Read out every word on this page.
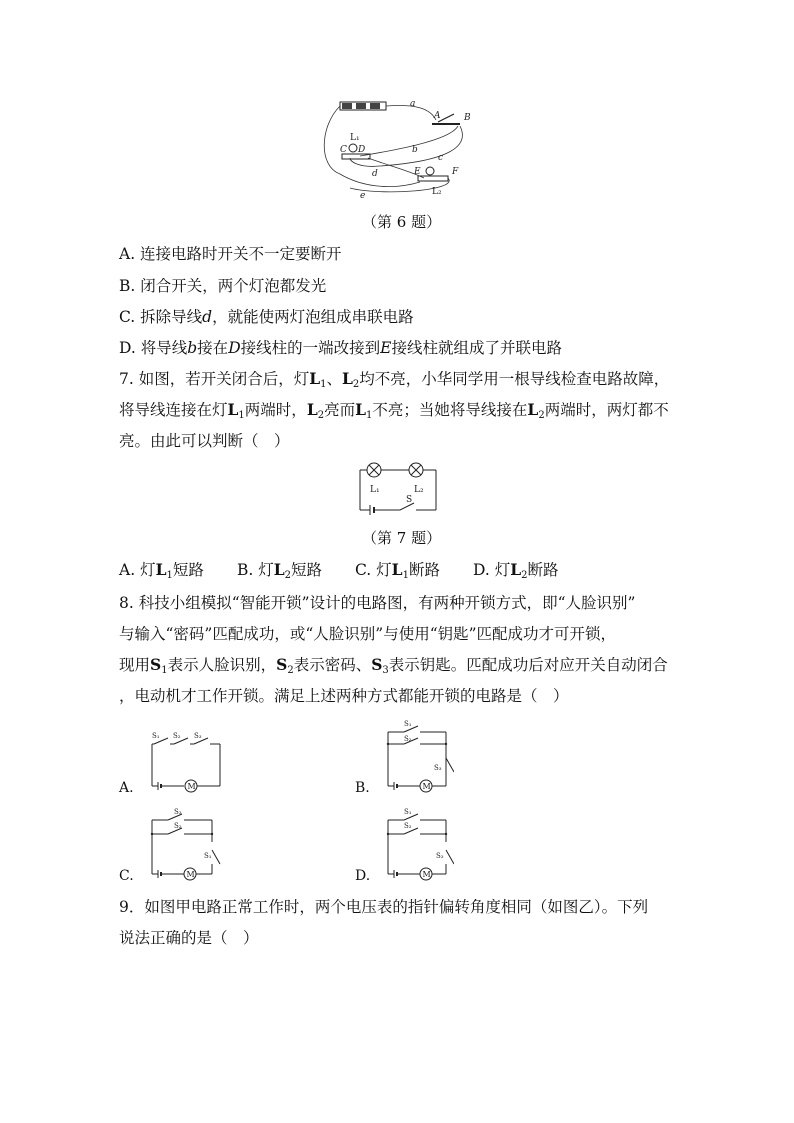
a
A	B
L₁
C D	b
c
d	E	F
L₂
e
（第 6 题）
A. 连接电路时开关不一定要断开
B. 闭合开关，两个灯泡都发光
C. 拆除导线d，就能使两灯泡组成串联电路
D. 将导线b接在D接线柱的一端改接到E接线柱就组成了并联电路
7. 如图，若开关闭合后，灯$L_1$、$L_2$均不亮，小华同学用一根导线检查电路故障，
将导线连接在灯$L_1$两端时，$L_2$亮而$L_1$不亮；当她将导线接在$L_2$两端时，两灯都不
亮。由此可以判断（　）
L₁	L₂
S
（第 7 题）
A. 灯$L_1$短路 B. 灯$L_2$短路 C. 灯$L_1$断路 D. 灯$L_2$断路
8. 科技小组模拟“智能开锁”设计的电路图，有两种开锁方式，即“人脸识别”
与输入“密码”匹配成功，或“人脸识别”与使用“钥匙”匹配成功才可开锁，
现用$S_1$表示人脸识别，$S_2$表示密码、$S_3$表示钥匙。匹配成功后对应开关自动闭合
，电动机才工作开锁。满足上述两种方式都能开锁的电路是（　）
A.	M
S₁ S₂ S₃
B.	M
S₁
S₂
S₃
C.	M
S₃
S₂
S₁
D.	M
S₁
S₂
S₃
9．如图甲电路正常工作时，两个电压表的指针偏转角度相同（如图乙）。下列
说法正确的是（　）
